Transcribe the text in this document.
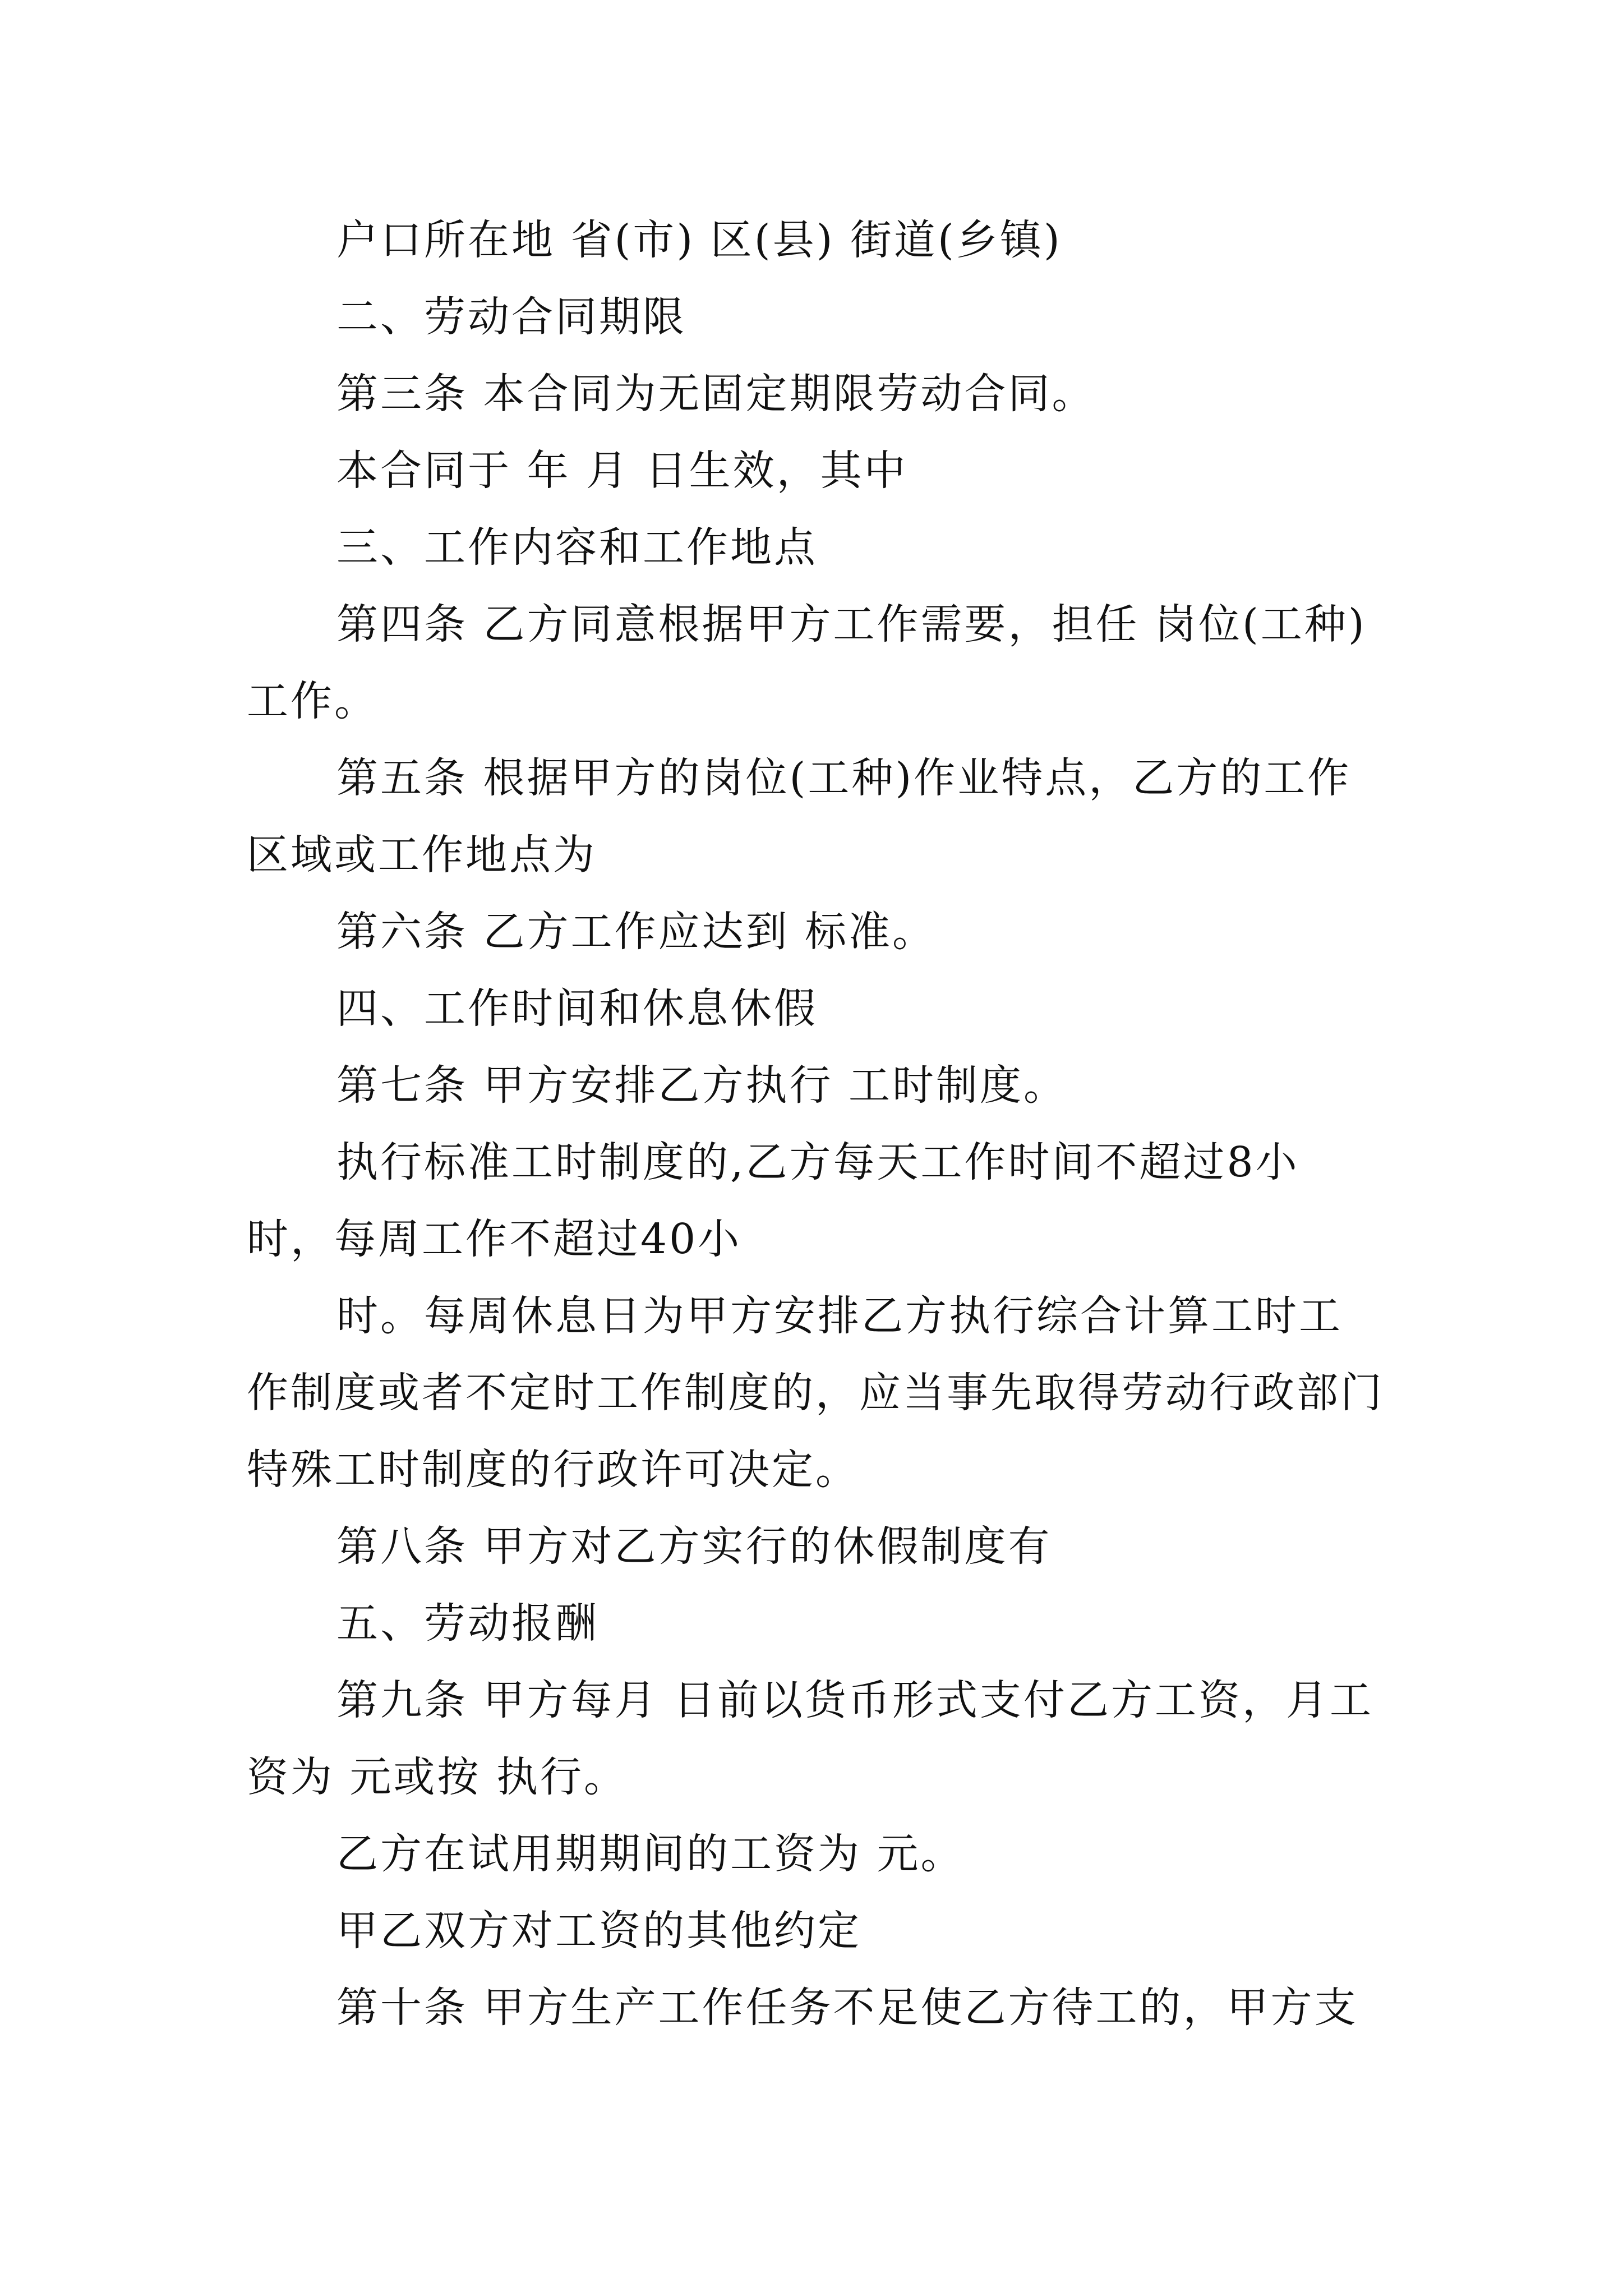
户口所在地 省(市) 区(县) 街道(乡镇)

二、劳动合同期限

第三条 本合同为无固定期限劳动合同。

本合同于 年 月 日生效，其中

三、工作内容和工作地点

第四条 乙方同意根据甲方工作需要，担任 岗位(工种)工作。

第五条 根据甲方的岗位(工种)作业特点，乙方的工作区域或工作地点为

第六条 乙方工作应达到 标准。

四、工作时间和休息休假

第七条 甲方安排乙方执行 工时制度。

执行标准工时制度的,乙方每天工作时间不超过8小时，每周工作不超过40小

时。每周休息日为甲方安排乙方执行综合计算工时工作制度或者不定时工作制度的，应当事先取得劳动行政部门特殊工时制度的行政许可决定。

第八条 甲方对乙方实行的休假制度有

五、劳动报酬

第九条 甲方每月 日前以货币形式支付乙方工资，月工资为 元或按 执行。

乙方在试用期期间的工资为 元。

甲乙双方对工资的其他约定

第十条 甲方生产工作任务不足使乙方待工的，甲方支
